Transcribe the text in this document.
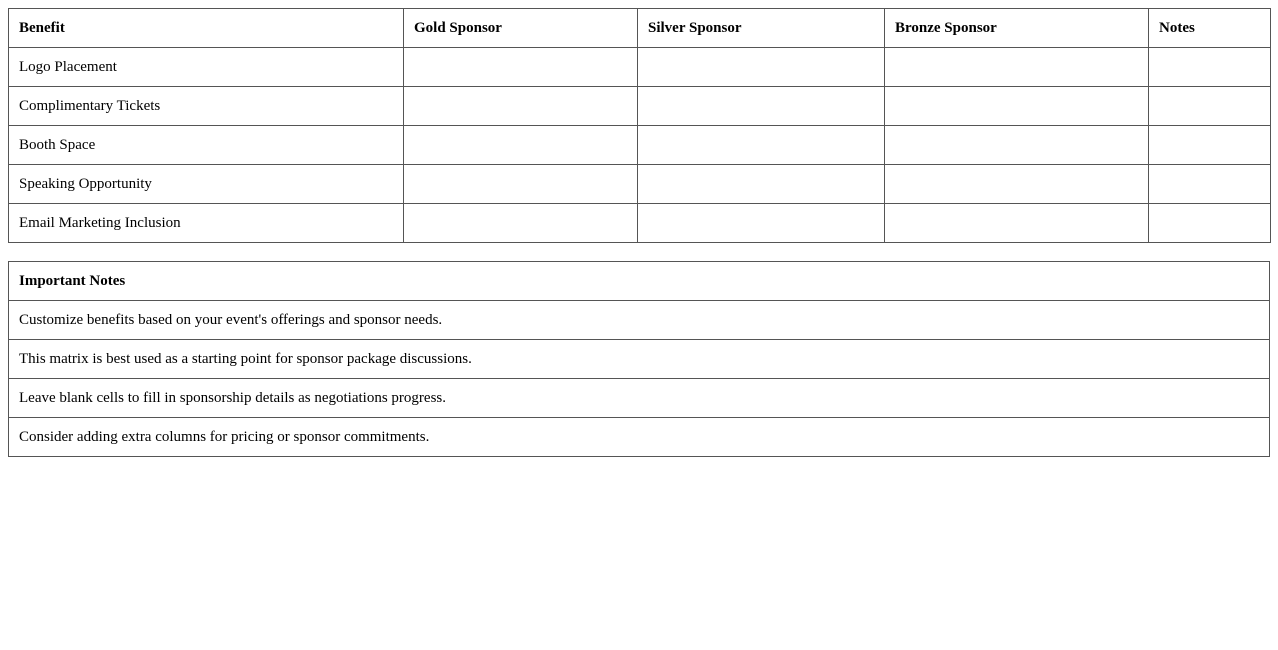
Benefit	Gold Sponsor	Silver Sponsor	Bronze Sponsor	Notes
Logo Placement				
Complimentary Tickets				
Booth Space				
Speaking Opportunity				
Email Marketing Inclusion				
Important Notes
Customize benefits based on your event's offerings and sponsor needs.
This matrix is best used as a starting point for sponsor package discussions.
Leave blank cells to fill in sponsorship details as negotiations progress.
Consider adding extra columns for pricing or sponsor commitments.
